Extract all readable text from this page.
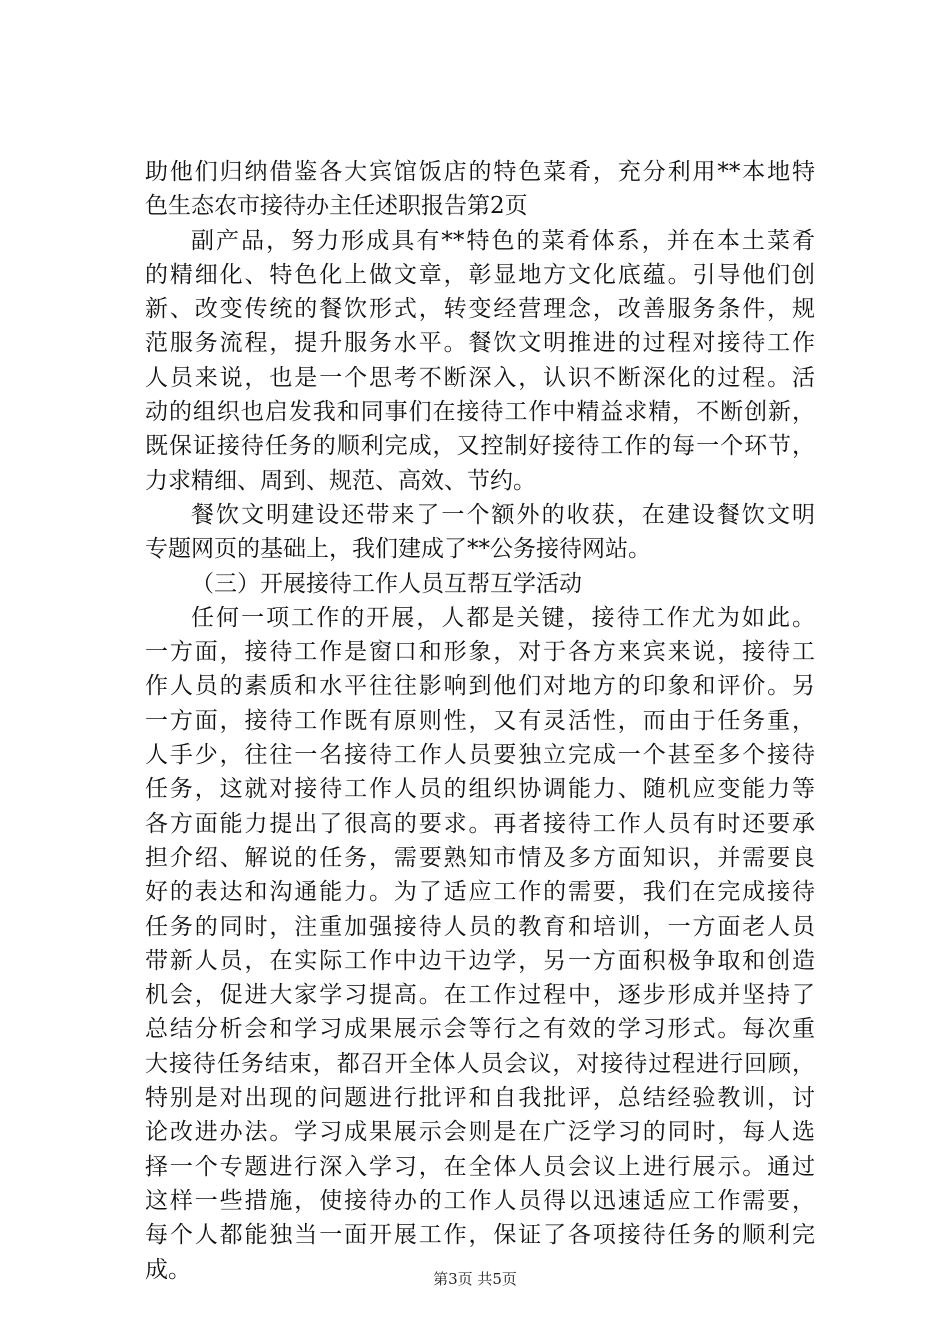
助他们归纳借鉴各大宾馆饭店的特色菜肴，充分利用**本地特
色生态农市接待办主任述职报告第2页
副产品，努力形成具有**特色的菜肴体系，并在本土菜肴
的精细化、特色化上做文章，彰显地方文化底蕴。引导他们创
新、改变传统的餐饮形式，转变经营理念，改善服务条件，规
范服务流程，提升服务水平。餐饮文明推进的过程对接待工作
人员来说，也是一个思考不断深入，认识不断深化的过程。活
动的组织也启发我和同事们在接待工作中精益求精，不断创新，
既保证接待任务的顺利完成，又控制好接待工作的每一个环节，
力求精细、周到、规范、高效、节约。
餐饮文明建设还带来了一个额外的收获，在建设餐饮文明
专题网页的基础上，我们建成了**公务接待网站。
（三）开展接待工作人员互帮互学活动
任何一项工作的开展，人都是关键，接待工作尤为如此。
一方面，接待工作是窗口和形象，对于各方来宾来说，接待工
作人员的素质和水平往往影响到他们对地方的印象和评价。另
一方面，接待工作既有原则性，又有灵活性，而由于任务重，
人手少，往往一名接待工作人员要独立完成一个甚至多个接待
任务，这就对接待工作人员的组织协调能力、随机应变能力等
各方面能力提出了很高的要求。再者接待工作人员有时还要承
担介绍、解说的任务，需要熟知市情及多方面知识，并需要良
好的表达和沟通能力。为了适应工作的需要，我们在完成接待
任务的同时，注重加强接待人员的教育和培训，一方面老人员
带新人员，在实际工作中边干边学，另一方面积极争取和创造
机会，促进大家学习提高。在工作过程中，逐步形成并坚持了
总结分析会和学习成果展示会等行之有效的学习形式。每次重
大接待任务结束，都召开全体人员会议，对接待过程进行回顾，
特别是对出现的问题进行批评和自我批评，总结经验教训，讨
论改进办法。学习成果展示会则是在广泛学习的同时，每人选
择一个专题进行深入学习，在全体人员会议上进行展示。通过
这样一些措施，使接待办的工作人员得以迅速适应工作需要，
每个人都能独当一面开展工作，保证了各项接待任务的顺利完
成。	第3页 共5页
